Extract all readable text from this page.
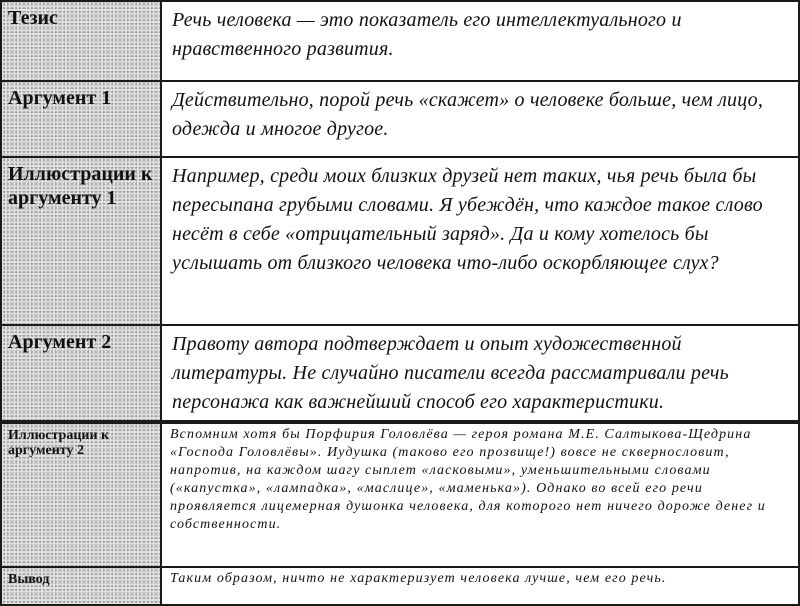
Тезис	Речь человека — это показатель его интеллектуального и нравственного развития.
Аргумент 1	Действительно, порой речь «скажет» о человеке больше, чем лицо, одежда и многое другое.
Иллюстрации к аргументу 1	Например, среди моих близких друзей нет таких, чья речь была бы пересыпана грубыми словами. Я убеждён, что каждое такое слово несёт в себе «отрицательный заряд». Да и кому хотелось бы услышать от близкого человека что-либо оскорбляющее слух?
Аргумент 2	Правоту автора подтверждает и опыт художественной литературы. Не случайно писатели всегда рассматривали речь персонажа как важнейший способ его характеристики.
Иллюстрации к аргументу 2	Вспомним хотя бы Порфирия Головлёва — героя романа М.Е. Салтыкова-Щедрина «Господа Головлёвы». Иудушка (таково его прозвище!) вовсе не сквернословит, напротив, на каждом шагу сыплет «ласковыми», уменьшительными словами («капустка», «лампадка», «маслице», «маменька»). Однако во всей его речи проявляется лицемерная душонка человека, для которого нет ничего дороже денег и собственности.
Вывод	Таким образом, ничто не характеризует человека лучше, чем его речь.
